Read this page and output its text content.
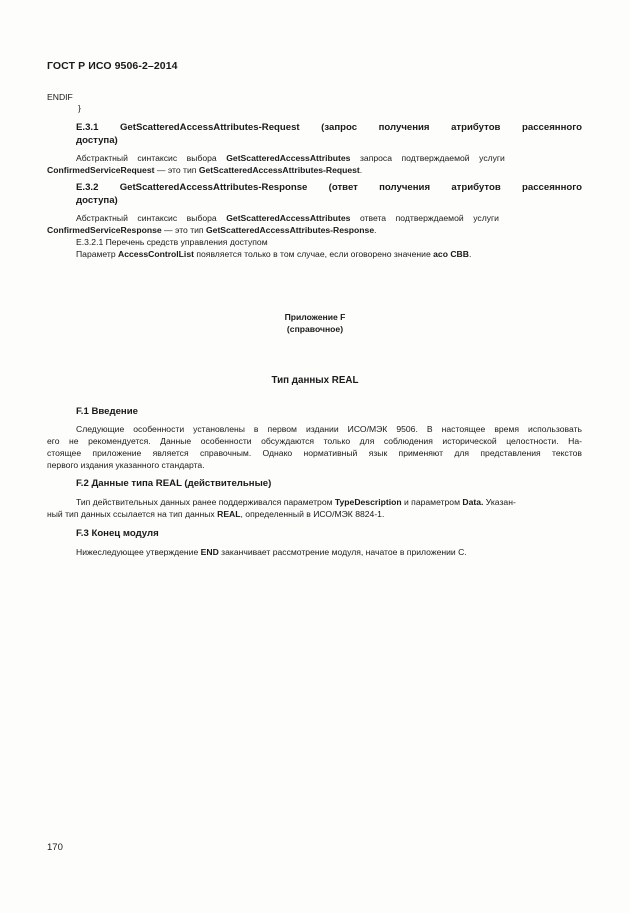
ГОСТ Р ИСО 9506-2–2014
ENDIF
}
E.3.1 GetScatteredAccessAttributes-Request (запрос получения атрибутов рассеянного
доступа)
Абстрактный    синтаксис    выбора    GetScatteredAccessAttributes    запроса    подтверждаемой    услуги
ConfirmedServiceRequest — это тип GetScatteredAccessAttributes-Request.
E.3.2 GetScatteredAccessAttributes-Response (ответ получения атрибутов рассеянного
доступа)
Абстрактный    синтаксис    выбора    GetScatteredAccessAttributes    ответа    подтверждаемой    услуги
ConfirmedServiceResponse — это тип GetScatteredAccessAttributes-Response.
E.3.2.1 Перечень средств управления доступом
Параметр AccessControlList появляется только в том случае, если оговорено значение aco CBB.
Приложение F
(справочное)
Тип данных REAL
F.1 Введение
Следующие особенности установлены в первом издании ИСО/МЭК 9506. В настоящее время использовать
его не рекомендуется. Данные особенности обсуждаются только для соблюдения исторической целостности. На-
стоящее приложение является справочным. Однако нормативный язык применяют для представления текстов
первого издания указанного стандарта.
F.2 Данные типа REAL (действительные)
Тип действительных данных ранее поддерживался параметром TypeDescription и параметром Data. Указан-
ный тип данных ссылается на тип данных REAL, определенный в ИСО/МЭК 8824-1.
F.3 Конец модуля
Нижеследующее утверждение END заканчивает рассмотрение модуля, начатое в приложении С.
170
